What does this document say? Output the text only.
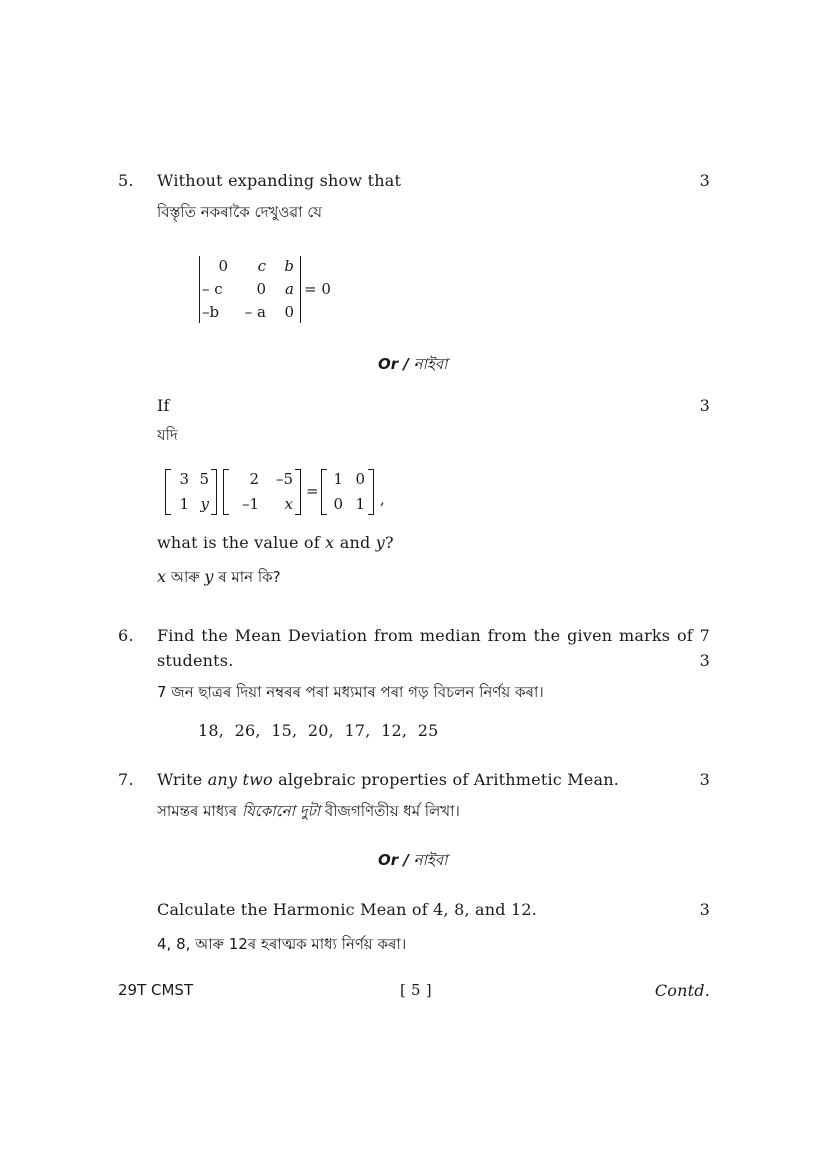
5. Without expanding show that	3
বিস্তৃতি নকৰাকৈ দেখুওৱা যে
0	c	b
– c	0	a
–b	– a	0
= 0
Or / নাইবা
If	3
যদি
3 5
1 y
2	–5
–1	x
=
1 0
0 1 ,
what is the value of x and y?
x আৰু y ৰ মান কি?
6. Find the Mean Deviation from median from the given marks of 7
students.	3
7 জন ছাত্ৰৰ দিয়া নম্বৰৰ পৰা মধ্যমাৰ পৰা গড় বিচলন নিৰ্ণয় কৰা।
18,  26,  15,  20,  17,  12,  25
7. Write any two algebraic properties of Arithmetic Mean.	3
সামন্তৰ মাধ্যৰ যিকোনো দুটা বীজগণিতীয় ধৰ্ম লিখা।
Or / নাইবা
Calculate the Harmonic Mean of 4, 8, and 12.	3
4, 8, আৰু 12ৰ হৰাত্মক মাধ্য নিৰ্ণয় কৰা।
29T CMST	[ 5 ]	Contd.
